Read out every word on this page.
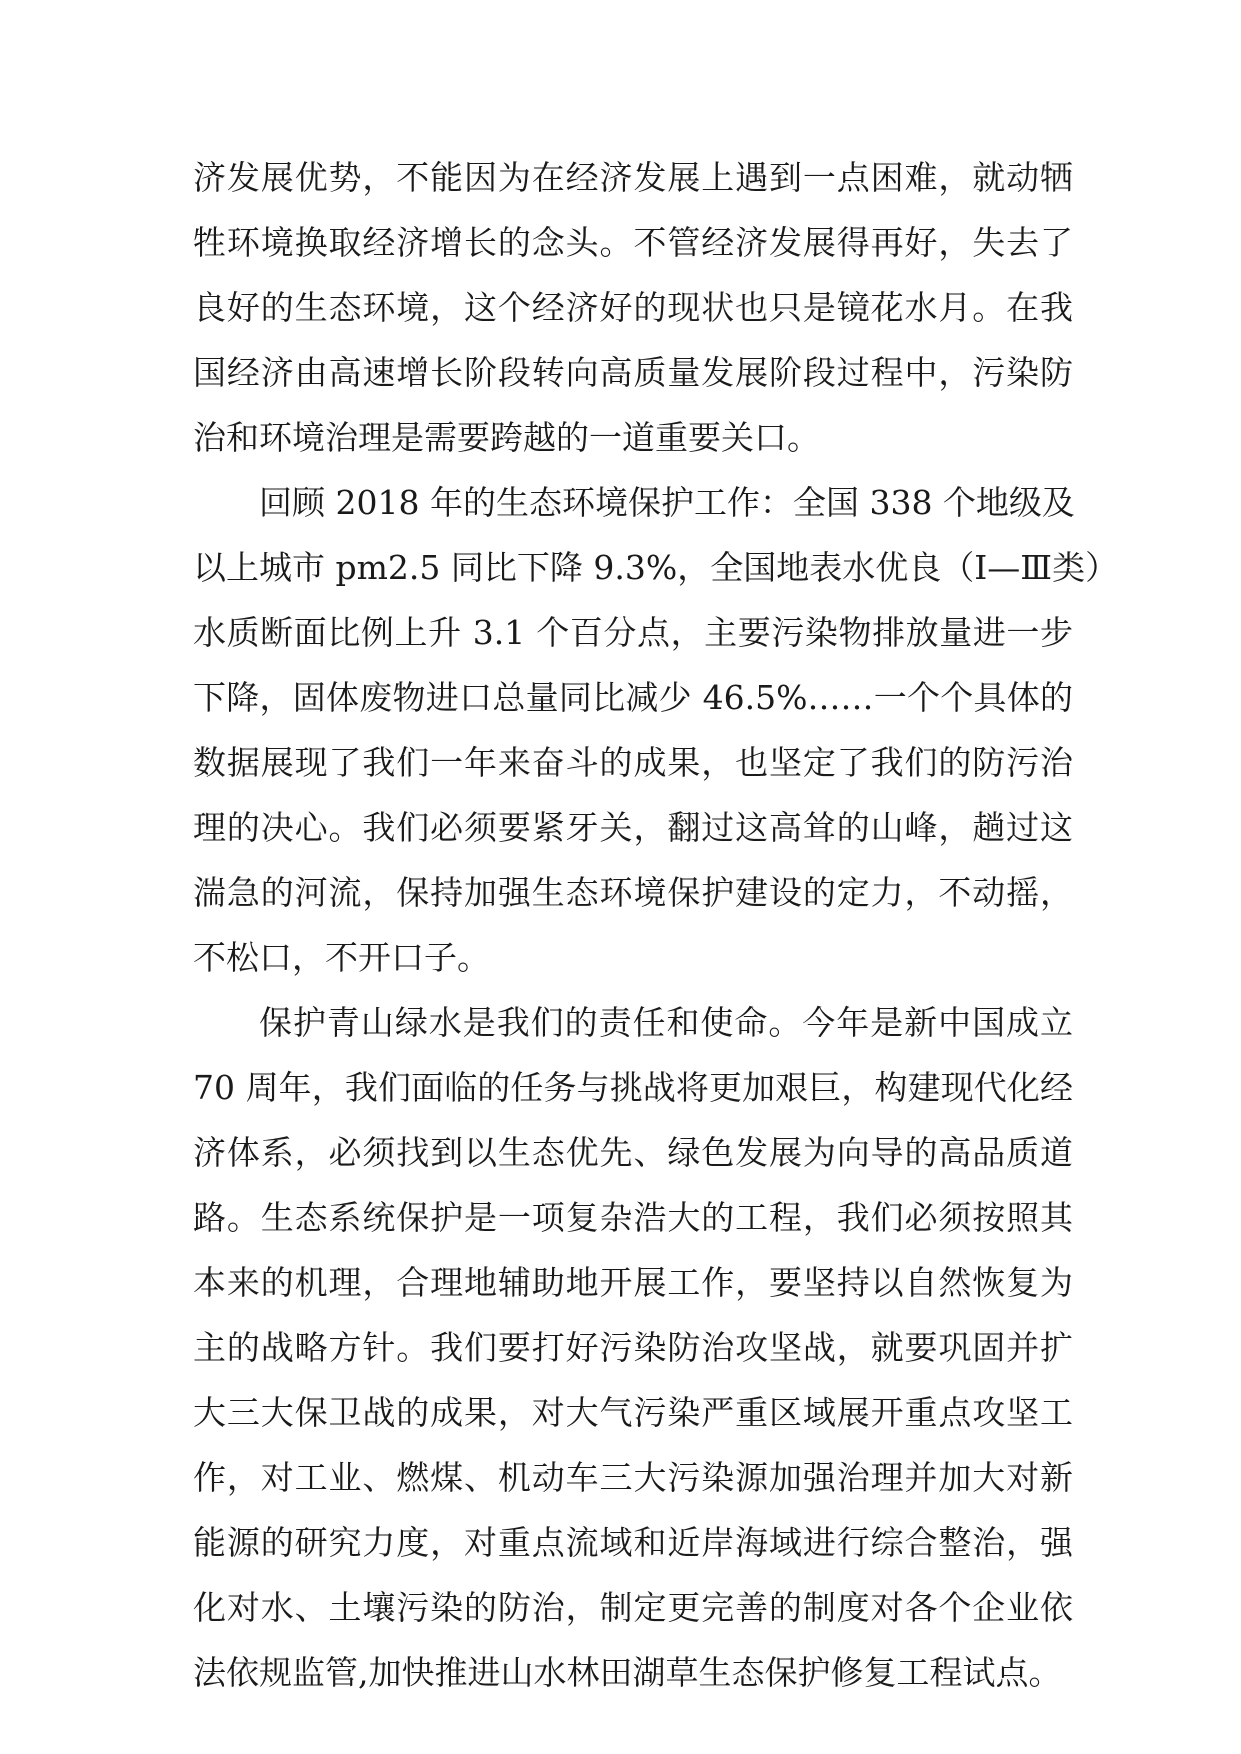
济发展优势，不能因为在经济发展上遇到一点困难，就动牺
牲环境换取经济增长的念头。不管经济发展得再好，失去了
良好的生态环境，这个经济好的现状也只是镜花水月。在我
国经济由高速增长阶段转向高质量发展阶段过程中，污染防
治和环境治理是需要跨越的一道重要关口。
回顾 2018 年的生态环境保护工作：全国 338 个地级及
以上城市 pm2.5 同比下降 9.3%，全国地表水优良（Ⅰ—Ⅲ类）
水质断面比例上升 3.1 个百分点，主要污染物排放量进一步
下降，固体废物进口总量同比减少 46.5%……一个个具体的
数据展现了我们一年来奋斗的成果，也坚定了我们的防污治
理的决心。我们必须要紧牙关，翻过这高耸的山峰，趟过这
湍急的河流，保持加强生态环境保护建设的定力，不动摇，
不松口，不开口子。
保护青山绿水是我们的责任和使命。今年是新中国成立
70 周年，我们面临的任务与挑战将更加艰巨，构建现代化经
济体系，必须找到以生态优先、绿色发展为向导的高品质道
路。生态系统保护是一项复杂浩大的工程，我们必须按照其
本来的机理，合理地辅助地开展工作，要坚持以自然恢复为
主的战略方针。我们要打好污染防治攻坚战，就要巩固并扩
大三大保卫战的成果，对大气污染严重区域展开重点攻坚工
作，对工业、燃煤、机动车三大污染源加强治理并加大对新
能源的研究力度，对重点流域和近岸海域进行综合整治，强
化对水、土壤污染的防治，制定更完善的制度对各个企业依
法依规监管,加快推进山水林田湖草生态保护修复工程试点。
